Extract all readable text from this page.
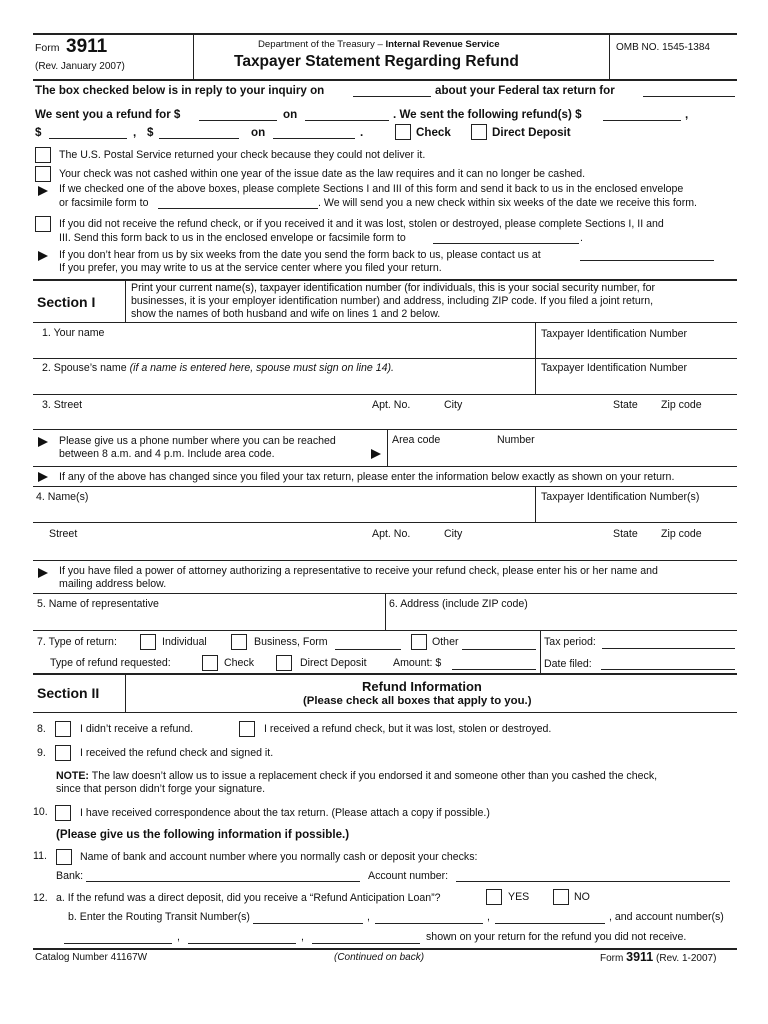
Form 3911
(Rev. January 2007)
Department of the Treasury – Internal Revenue Service
Taxpayer Statement Regarding Refund
OMB NO. 1545-1384
The box checked below is in reply to your inquiry on	about your Federal tax return for
We sent you a refund for $	on	. We sent the following refund(s) $	,
$	, $	on	.	Check	Direct Deposit
The U.S. Postal Service returned your check because they could not deliver it.
Your check was not cashed within one year of the issue date as the law requires and it can no longer be cashed.
If we checked one of the above boxes, please complete Sections I and III of this form and send it back to us in the enclosed envelope
or facsimile form to	. We will send you a new check within six weeks of the date we receive this form.
If you did not receive the refund check, or if you received it and it was lost, stolen or destroyed, please complete Sections I, II and
III. Send this form back to us in the enclosed envelope or facsimile form to	.
If you don’t hear from us by six weeks from the date you send the form back to us, please contact us at
If you prefer, you may write to us at the service center where you filed your return.
Section I
Print your current name(s), taxpayer identification number (for individuals, this is your social security number, for
businesses, it is your employer identification number) and address, including ZIP code. If you filed a joint return,
show the names of both husband and wife on lines 1 and 2 below.
1. Your name	Taxpayer Identification Number
2. Spouse’s name (if a name is entered here, spouse must sign on line 14).	Taxpayer Identification Number
3. Street	Apt. No.	City	State Zip code
Please give us a phone number where you can be reached
between 8 a.m. and 4 p.m. Include area code.
Area code	Number
If any of the above has changed since you filed your tax return, please enter the information below exactly as shown on your return.
4. Name(s)	Taxpayer Identification Number(s)
Street	Apt. No.	City	State Zip code
If you have filed a power of attorney authorizing a representative to receive your refund check, please enter his or her name and
mailing address below.
5. Name of representative	6. Address (include ZIP code)
7. Type of return:	Individual	Business, Form	Other	Tax period:
Type of refund requested:	Check	Direct Deposit Amount: $	Date filed:
Section II	Refund Information
(Please check all boxes that apply to you.)
8.	I didn’t receive a refund.	I received a refund check, but it was lost, stolen or destroyed.
9.	I received the refund check and signed it.
NOTE: The law doesn’t allow us to issue a replacement check if you endorsed it and someone other than you cashed the check,
since that person didn’t forge your signature.
10.	I have received correspondence about the tax return. (Please attach a copy if possible.)
(Please give us the following information if possible.)
11.	Name of bank and account number where you normally cash or deposit your checks:
Bank:	Account number:
12. a. If the refund was a direct deposit, did you receive a “Refund Anticipation Loan”?	YES	NO
b. Enter the Routing Transit Number(s)	,	,	, and account number(s)
,	,	shown on your return for the refund you did not receive.
Catalog Number 41167W	(Continued on back)	Form 3911 (Rev. 1-2007)
